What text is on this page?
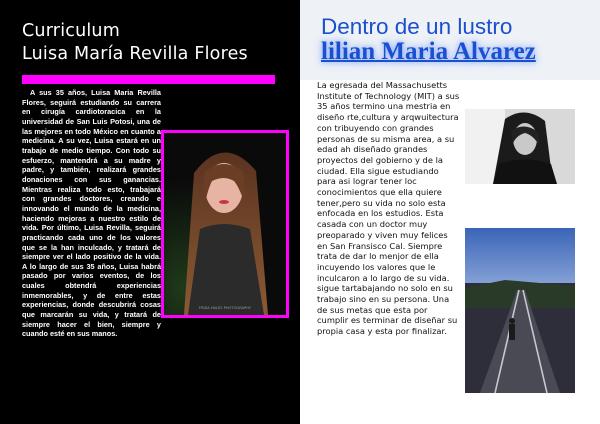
Curriculum
Luisa María Revilla Flores

A sus 35 años, Luisa Maria Revilla Flores, seguirá estudiando su carrera en cirugía cardiotoracica en la universidad de San Luis Potosi, una de las mejores en todo México en cuanto a medicina. A su vez, Luisa estará en un trabajo de medio tiempo. Con todo su esfuerzo, mantendrá a su madre y padre, y también, realizará grandes donaciones con sus ganancias. Mientras realiza todo esto, trabajará con grandes doctores, creando e innovando el mundo de la medicina, haciendo mejoras a nuestro estilo de vida. Por último, Luisa Revilla, seguirá practicando cada uno de los valores que se la han inculcado, y tratará de siempre ver el lado positivo de la vida. A lo largo de sus 35 años, Luisa habrá pasado por varios eventos, de los cuales obtendrá experiencias inmemorables, y de entre estas experiencias, donde descubrirá cosas que marcarán su vida, y tratará de siempre hacer el bien, siempre y cuando esté en sus manos.

FRIDA HALES PHOTOGRAPHY
Dentro de un lustro
lilian Maria Alvarez

La egresada del Massachusetts Institute of Technology (MIT) a sus 35 años termino una mestria en diseño rte,cultura y arqwuitectura con tribuyendo con grandes personas de su misma area, a su edad ah diseñado grandes proyectos del gobierno y de la ciudad. Ella sigue estudiando para asi lograr tener loc conocimientos que ella quiere tener,pero su vida no solo esta enfocada en los estudios. Esta casada con un doctor muy preoparado y viven muy felices en San Fransisco Cal. Siempre trata de dar lo menjor de ella incuyendo los valores que le inculcaron a lo largo de su vida. sigue tartabajando no solo en su trabajo sino en su persona. Una de sus metas que esta por cumplir es terminar de diseñar su propia casa y esta por finalizar.
